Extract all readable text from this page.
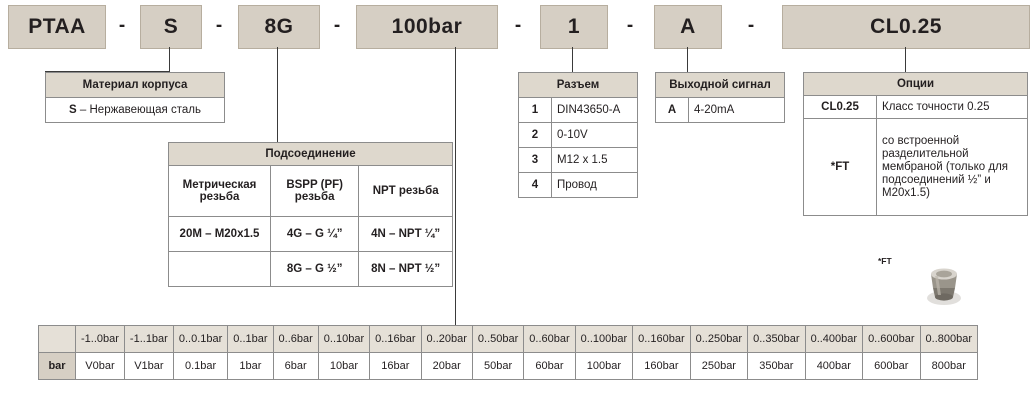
PTAA - S - 8G - 100bar	- 1 - A	-	CL0.25
Материал корпуса
S – Нержавеющая сталь
Подсоединение		
Метрическая резьба	BSPP (PF) резьба	NPT резьба
20M – M20x1.5	4G – G ¼”	4N – NPT ¼”
	8G – G ½”	8N – NPT ½”
Разъем	
1	DIN43650-A
2	0-10V
3	M12 x 1.5
4	Провод
Выходной сигнал
A	4-20mA
Опции	
CL0.25	Класс точности 0.25
*FT	со встроенной разделительной мембраной (только для подсоединений ½” и M20x1.5)
*FT
	-1..0bar	-1..1bar	0..0.1bar	0..1bar	0..6bar	0..10bar	0..16bar	0..20bar	0..50bar	0..60bar	0..100bar	0..160bar	0..250bar	0..350bar	0..400bar	0..600bar	0..800bar
bar	V0bar	V1bar	0.1bar	1bar	6bar	10bar	16bar	20bar	50bar	60bar	100bar	160bar	250bar	350bar	400bar	600bar	800bar
